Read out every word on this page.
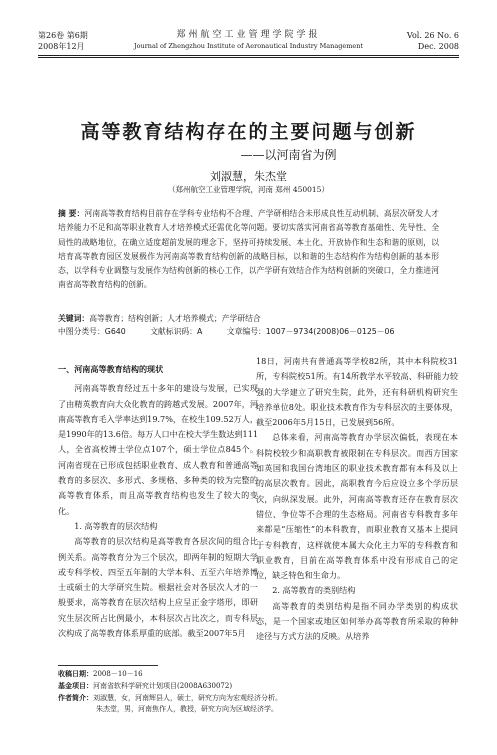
第26卷 第6期
2008年12月
郑州航空工业管理学院学报
Journal of Zhengzhou Institute of Aeronautical Industry Management
Vol. 26 No. 6
Dec. 2008
高等教育结构存在的主要问题与创新
——以河南省为例
刘淑慧，朱杰堂
（郑州航空工业管理学院，河南 郑州 450015）
摘 要：河南高等教育结构目前存在学科专业结构不合理、产学研相结合未形成良性互动机制、高层次研发人才培养能力不足和高等职业教育人才培养模式还需优化等问题。要切实落实河南省高等教育基础性、先导性、全局性的战略地位，在确立适度超前发展的理念下，坚持可持续发展、本土化、开放协作和生态和谐的原则，以培育高等教育园区发展极作为河南高等教育结构创新的战略目标，以和谐的生态结构作为结构创新的基本形态，以学科专业调整与发展作为结构创新的核心工作，以产学研有效结合作为结构创新的突破口，全力推进河南省高等教育结构的创新。
关键词：高等教育；结构创新；人才培养模式；产学研结合
中图分类号：G640	文献标识码：A	文章编号：1007－9734(2008)06－0125－06
一、河南高等教育结构的现状

河南高等教育经过五十多年的建设与发展，已实现了由精英教育向大众化教育的跨越式发展。2007年，河南高等教育毛入学率达到19.7%，在校生109.52万人，是1990年的13.6倍。每万人口中在校大学生数达到111人，全省高校博士学位点107个，硕士学位点845个。河南省现在已形成包括职业教育、成人教育和普通高等教育的多层次、多形式、多规格、多种类的较为完整的高等教育体系，而且高等教育结构也发生了较大的变化。

1. 高等教育的层次结构

高等教育的层次结构是高等教育各层次间的组合比例关系。高等教育分为三个层次，即两年制的短期大学或专科学校、四至五年制的大学本科、五至六年培养博士或硕士的大学研究生院。根据社会对各层次人才的一般要求，高等教育在层次结构上应呈正金字塔形，即研究生层次所占比例最小，本科层次占比次之，而专科层次构成了高等教育体系厚重的底部。截至2007年5月

18日，河南共有普通高等学校82所，其中本科院校31所，专科院校51所。有14所教学水平较高、科研能力较强的大学建立了研究生院，此外，还有科研机构研究生培养单位8处。职业技术教育作为专科层次的主要体现，截至2006年5月15日，已发展到56所。

总体来看，河南高等教育办学层次偏低，表现在本科院校较少和高职教育被限制在专科层次。而西方国家如英国和我国台湾地区的职业技术教育都有本科及以上的高层次教育。因此，高职教育今后应设立多个学历层次，向纵深发展。此外，河南高等教育还存在教育层次错位、争位等不合理的生态格局。河南省专科教育多年来都是“压缩性”的本科教育，而职业教育又基本上提同于专科教育，这样就使本属大众化主力军的专科教育和职业教育，目前在高等教育体系中没有形成自己的定位，缺乏特色和生命力。

2. 高等教育的类别结构

高等教育的类别结构是指不同办学类别的构成状态，是一个国家或地区如何举办高等教育所采取的种种途径与方式方法的反映。从培养

收稿日期：2008－10－16
基金项目：河南省软科学研究计划项目(2008A630072)
作者简介：刘淑慧，女，河南辉县人，硕士，研究方向为宏观经济分析。
朱杰堂，男，河南焦作人，教授，研究方向为区域经济学。
